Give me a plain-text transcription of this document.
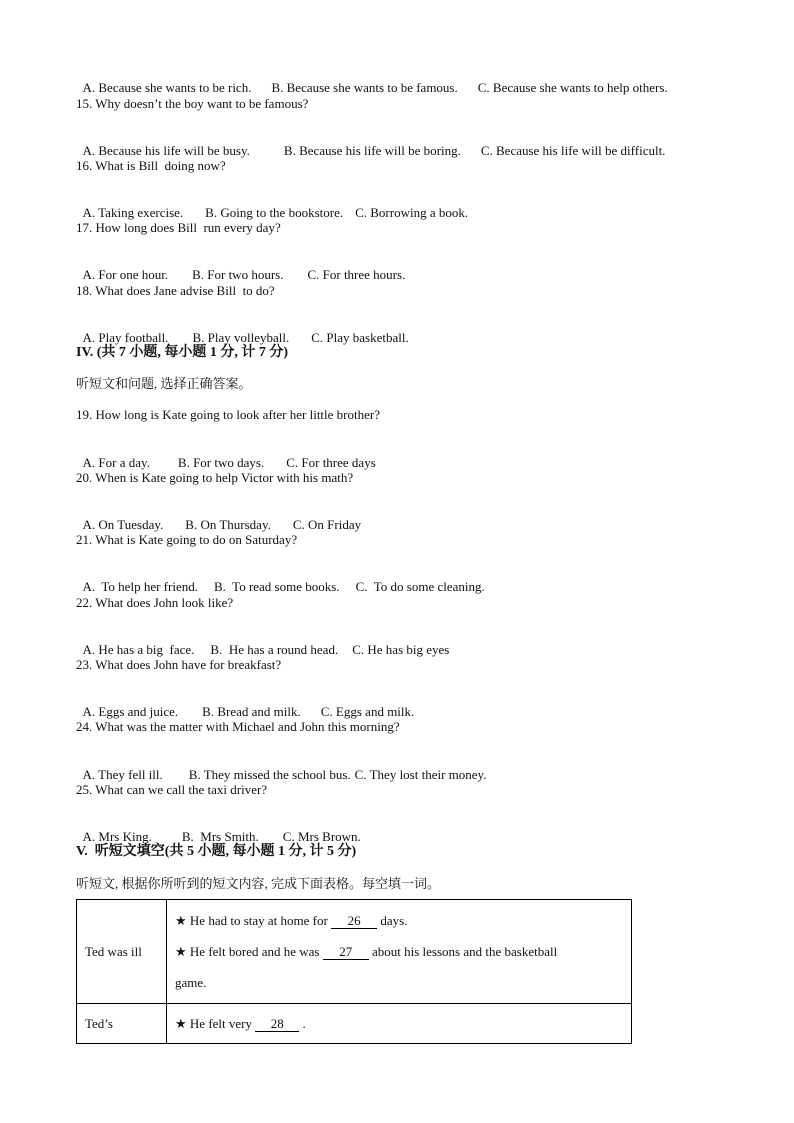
A. Because she wants to be rich. B. Because she wants to be famous. C. Because she wants to help others.

15. Why doesn’t the boy want to be famous?

A. Because his life will be busy.	B. Because his life will be boring. C. Because his life will be difficult.

16. What is Bill  doing now?

A. Taking exercise. B. Going to the bookstore. C. Borrowing a book.

17. How long does Bill  run every day?

A. For one hour. B. For two hours. C. For three hours.

18. What does Jane advise Bill  to do?

A. Play football. B. Play volleyball. C. Play basketball.

IV. (共 7 小题, 每小题 1 分, 计 7 分)
听短文和问题, 选择正确答案。
19. How long is Kate going to look after her little brother?

A. For a day. B. For two days. C. For three days

20. When is Kate going to help Victor with his math?

A. On Tuesday. B. On Thursday. C. On Friday

21. What is Kate going to do on Saturday?

A.  To help her friend. B.  To read some books. C.  To do some cleaning.

22. What does John look like?

A. He has a big  face. B.  He has a round head. C. He has big eyes

23. What does John have for breakfast?

A. Eggs and juice. B. Bread and milk. C. Eggs and milk.

24. What was the matter with Michael and John this morning?

A. They fell ill. B. They missed the school bus. C. They lost their money.

25. What can we call the taxi driver?

A. Mrs King. B.  Mrs Smith. C. Mrs Brown.

V.  听短文填空(共 5 小题, 每小题 1 分, 计 5 分)
听短文, 根据你所听到的短文内容, 完成下面表格。每空填一词。
Ted was ill	★ He had to stay at home for 26 days.
★ He felt bored and he was 27 about his lessons and the basketball
game.

Ted’s	★ He felt very 28 .
